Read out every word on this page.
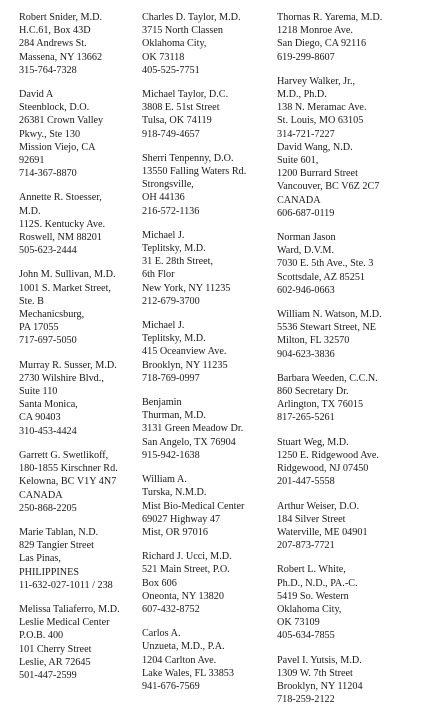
Robert Snider, M.D.
H.C.61, Box 43D
284 Andrews St.
Massena, NY 13662
315-764-7328
David A
Steenblock, D.O.
26381 Crown Valley
Pkwy., Ste 130
Mission Viejo, CA
92691
714-367-8870
Annette R. Stoesser,
M.D.
112S. Kentucky Ave.
Roswell, NM 88201
505-623-2444
John M. Sullivan, M.D.
1001 S. Market Street,
Ste. B
Mechanicsburg,
PA 17055
717-697-5050
Murray R. Susser, M.D.
2730 Wilshire Blvd.,
Suite 110
Santa Monica,
CA 90403
310-453-4424
Garrett G. Swetlikoff,
180-1855 Kirschner Rd.
Kelowna, BC V1Y 4N7
CANADA
250-868-2205
Marie Tablan, N.D.
829 Tangier Street
Las Pinas,
PHILIPPINES
11-632-027-1011 / 238
Melissa Taliaferro, M.D.
Leslie Medical Center
P.O.B. 400
101 Cherry Street
Leslie, AR 72645
501-447-2599
Charles D. Taylor, M.D.
3715 North Classen
Oklahoma City,
OK 73118
405-525-7751
Michael Taylor, D.C.
3808 E. 51st Street
Tulsa, OK 74119
918-749-4657
Sherri Tenpenny, D.O.
13550 Falling Waters Rd.
Strongsville,
OH 44136
216-572-1136
Michael J.
Teplitsky, M.D.
31 E. 28th Street,
6th Flor
New York, NY 11235
212-679-3700
Michael J.
Teplitsky, M.D.
415 Oceanview Ave.
Brooklyn, NY 11235
718-769-0997
Benjamin
Thurman, M.D.
3131 Green Meadow Dr.
San Angelo, TX 76904
915-942-1638
William A.
Turska, N.M.D.
Mist Bio-Medical Center
69027 Highway 47
Mist, OR 97016
Richard J. Ucci, M.D.
521 Main Street, P.O.
Box 606
Oneonta, NY 13820
607-432-8752
Carlos A.
Unzueta, M.D., P.A.
1204 Carlton Ave.
Lake Wales, FL 33853
941-676-7569
Thornas R. Yarema, M.D.
1218 Monroe Ave.
San Diego, CA 92116
619-299-8607
Harvey Walker, Jr.,
M.D., Ph.D.
138 N. Meramac Ave.
St. Louis, MO 63105
314-721-7227
David Wang, N.D.
Suite 601,
1200 Burrard Street
Vancouver, BC V6Z 2C7
CANADA
606-687-0119
Norman Jason
Ward, D.V.M.
7030 E. 5th Ave., Ste. 3
Scottsdale, AZ 85251
602-946-0663
William N. Watson, M.D.
5536 Stewart Street, NE
Milton, FL 32570
904-623-3836
Barbara Weeden, C.C.N.
860 Secretary Dr.
Arlington, TX 76015
817-265-5261
Stuart Weg, M.D.
1250 E. Ridgewood Ave.
Ridgewood, NJ 07450
201-447-5558
Arthur Weiser, D.O.
184 Silver Street
Waterville, ME 04901
207-873-7721
Robert L. White,
Ph.D., N.D., PA.-C.
5419 So. Western
Oklahoma City,
OK 73109
405-634-7855
Pavel I. Yutsis, M.D.
1309 W. 7th Street
Brooklyn, NY 11204
718-259-2122
